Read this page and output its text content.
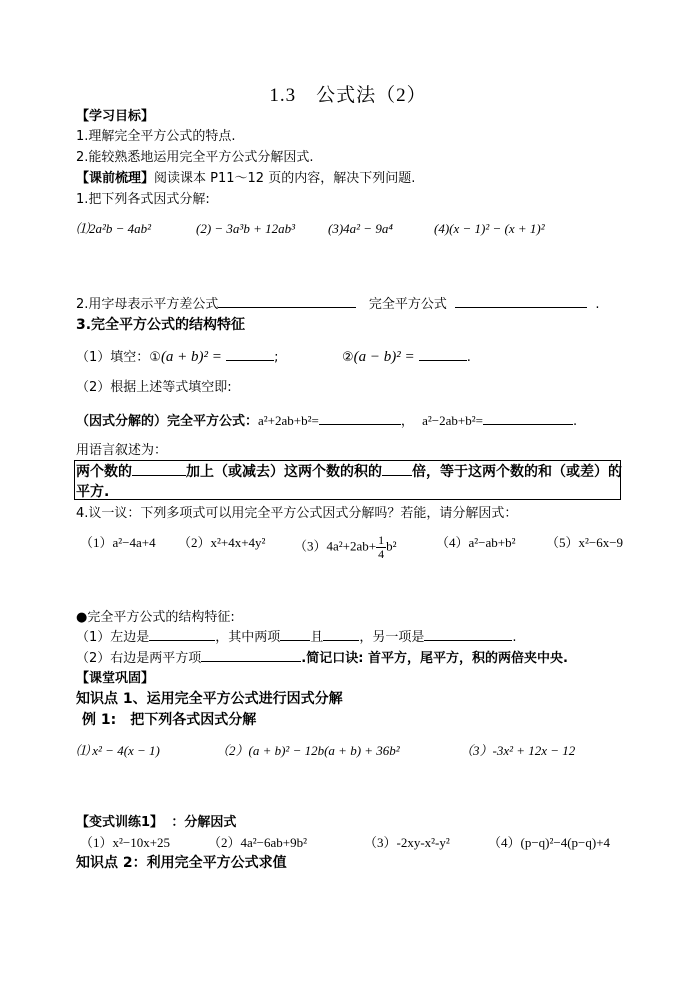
1.3　公式法（2）
【学习目标】
1.理解完全平方公式的特点.
2.能较熟悉地运用完全平方公式分解因式.
【课前梳理】阅读课本 P11～12 页的内容，解决下列问题.
1.把下列各式因式分解:
⑴2a²b − 4ab²	(2) − 3a³b + 12ab³	(3)4a² − 9a⁴	(4)(x − 1)² − (x + 1)²
2.用字母表示平方差公式	完全平方公式	.
3.完全平方公式的结构特征
（1）填空：①(a + b)² =	;	②(a − b)² =	.
（2）根据上述等式填空即:
（因式分解的）完全平方公式：a²+2ab+b²=	， a²−2ab+b²=	.
用语言叙述为：
两个数的	加上（或减去）这两个数的积的 倍，等于这两个数的和（或差）的
平方.
4.议一议：下列多项式可以用完全平方公式因式分解吗？若能，请分解因式：
（1）a²−4a+4 （2）x²+4x+4y² $(3)4a^2+2ab+ \frac{1}{4} b^2$	（4）a²−ab+b² （5）x²−6x−9
●完全平方公式的结构特征:
（1）左边是	，其中两项 且	，另一项是	.
（2）右边是两平方项	.简记口诀: 首平方，尾平方，积的两倍夹中央.
【课堂巩固】
知识点 1、运用完全平方公式进行因式分解
例 1:　把下列各式因式分解
⑴ x² − 4(x − 1)	（2）(a + b)² − 12b(a + b) + 36b²	（3）-3x² + 12x − 12
【变式训练1】 ：分解因式
（1）x²−10x+25	（2）4a²−6ab+9b²	（3）-2xy-x²-y²	（4）(p−q)²−4(p−q)+4
知识点 2：利用完全平方公式求值
